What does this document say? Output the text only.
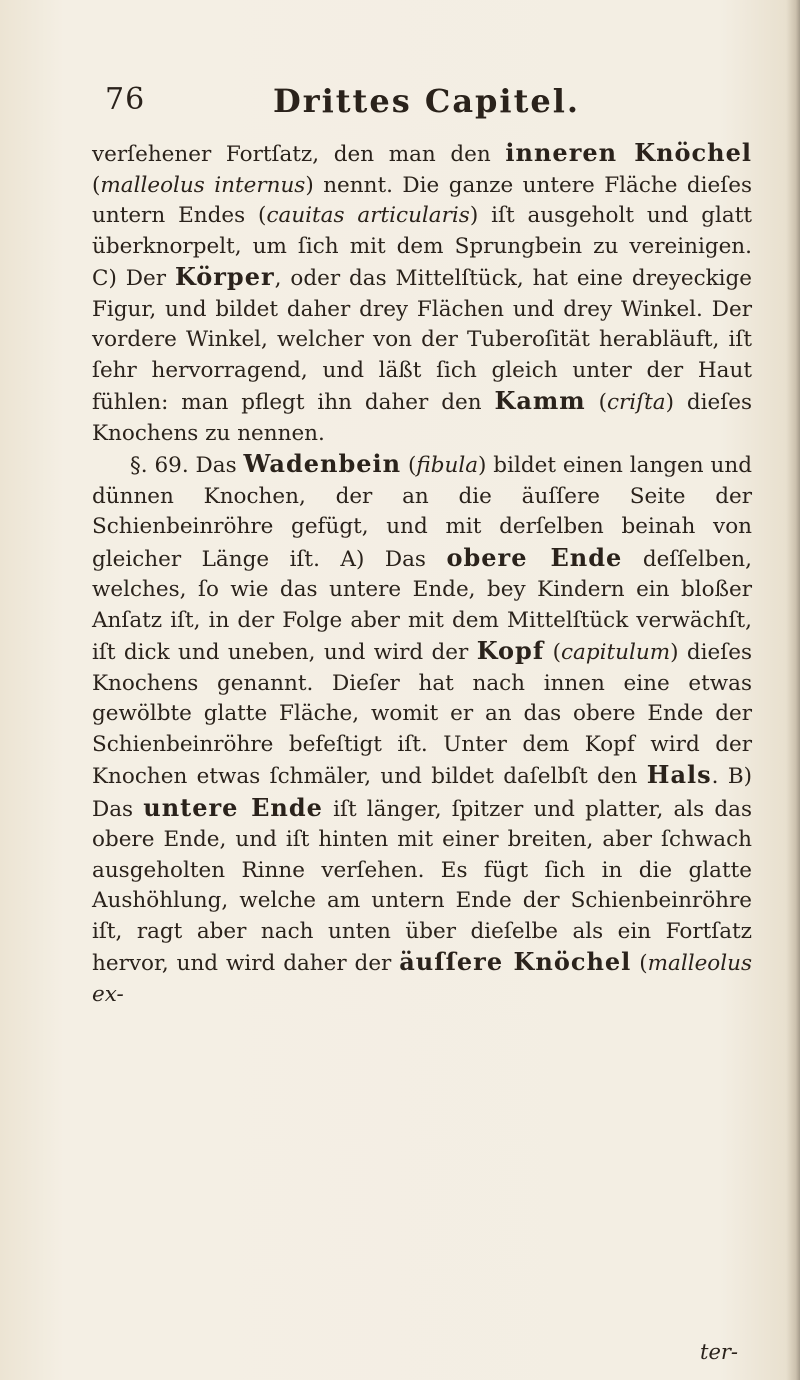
76	Drittes Capitel.

verſehener Fortſatz, den man den inneren Knöchel (malleolus internus) nennt. Die ganze untere Fläche dieſes untern Endes (cauitas articularis) iſt ausgeholt und glatt überknorpelt, um ſich mit dem Sprungbein zu vereinigen. C) Der Körper, oder das Mittelſtück, hat eine dreyeckige Figur, und bildet daher drey Flächen und drey Winkel. Der vordere Winkel, welcher von der Tuberoſität herabläuft, iſt ſehr hervorragend, und läßt ſich gleich unter der Haut fühlen: man pflegt ihn daher den Kamm (criſta) dieſes Knochens zu nennen.

§. 69. Das Wadenbein (fibula) bildet einen langen und dünnen Knochen, der an die äuſſere Seite der Schienbeinröhre gefügt, und mit derſelben beinah von gleicher Länge iſt. A) Das obere Ende deſſelben, welches, ſo wie das untere Ende, bey Kindern ein bloßer Anſatz iſt, in der Folge aber mit dem Mittelſtück verwächſt, iſt dick und uneben, und wird der Kopf (capitulum) dieſes Knochens genannt. Dieſer hat nach innen eine etwas gewölbte glatte Fläche, womit er an das obere Ende der Schienbeinröhre befeſtigt iſt. Unter dem Kopf wird der Knochen etwas ſchmäler, und bildet daſelbſt den Hals. B) Das untere Ende iſt länger, ſpitzer und platter, als das obere Ende, und iſt hinten mit einer breiten, aber ſchwach ausgeholten Rinne verſehen. Es fügt ſich in die glatte Aushöhlung, welche am untern Ende der Schienbeinröhre iſt, ragt aber nach unten über dieſelbe als ein Fortſatz hervor, und wird daher der äuſſere Knöchel (malleolus ex-

ter-
